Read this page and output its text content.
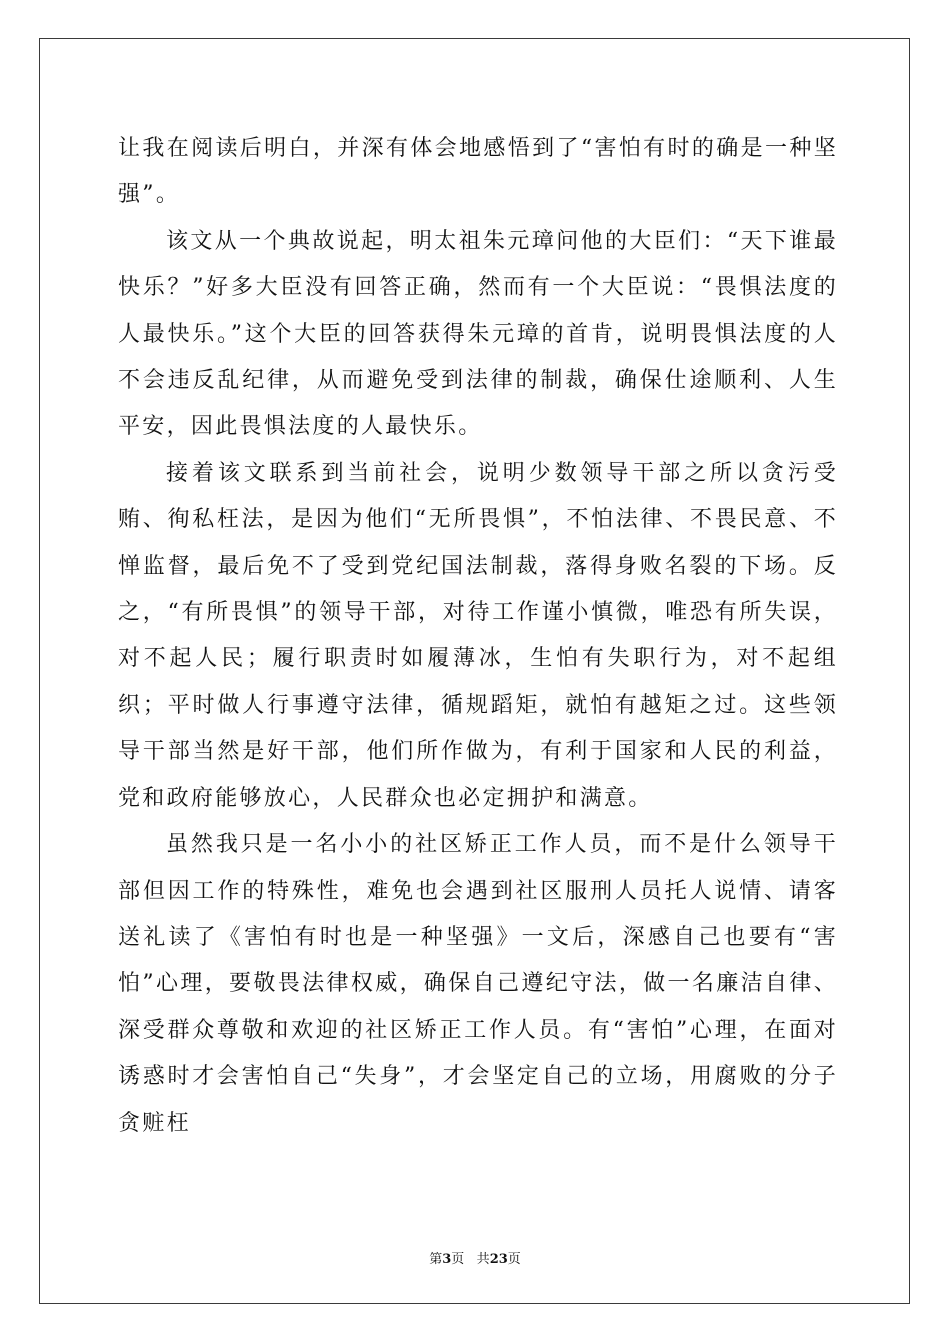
让我在阅读后明白，并深有体会地感悟到了“害怕有时的确是一种坚强”。

该文从一个典故说起，明太祖朱元璋问他的大臣们：“天下谁最快乐？”好多大臣没有回答正确，然而有一个大臣说：“畏惧法度的人最快乐。”这个大臣的回答获得朱元璋的首肯，说明畏惧法度的人不会违反乱纪律，从而避免受到法律的制裁，确保仕途顺利、人生平安，因此畏惧法度的人最快乐。

接着该文联系到当前社会，说明少数领导干部之所以贪污受贿、徇私枉法，是因为他们“无所畏惧”，不怕法律、不畏民意、不惮监督，最后免不了受到党纪国法制裁，落得身败名裂的下场。反之，“有所畏惧”的领导干部，对待工作谨小慎微，唯恐有所失误，对不起人民；履行职责时如履薄冰，生怕有失职行为，对不起组织；平时做人行事遵守法律，循规蹈矩，就怕有越矩之过。这些领导干部当然是好干部，他们所作做为，有利于国家和人民的利益，党和政府能够放心，人民群众也必定拥护和满意。

虽然我只是一名小小的社区矫正工作人员，而不是什么领导干部但因工作的特殊性，难免也会遇到社区服刑人员托人说情、请客送礼读了《害怕有时也是一种坚强》一文后，深感自己也要有“害怕”心理，要敬畏法律权威，确保自己遵纪守法，做一名廉洁自律、深受群众尊敬和欢迎的社区矫正工作人员。有“害怕”心理，在面对诱惑时才会害怕自己“失身”，才会坚定自己的立场，用腐败的分子贪赃枉

第3页 共23页
